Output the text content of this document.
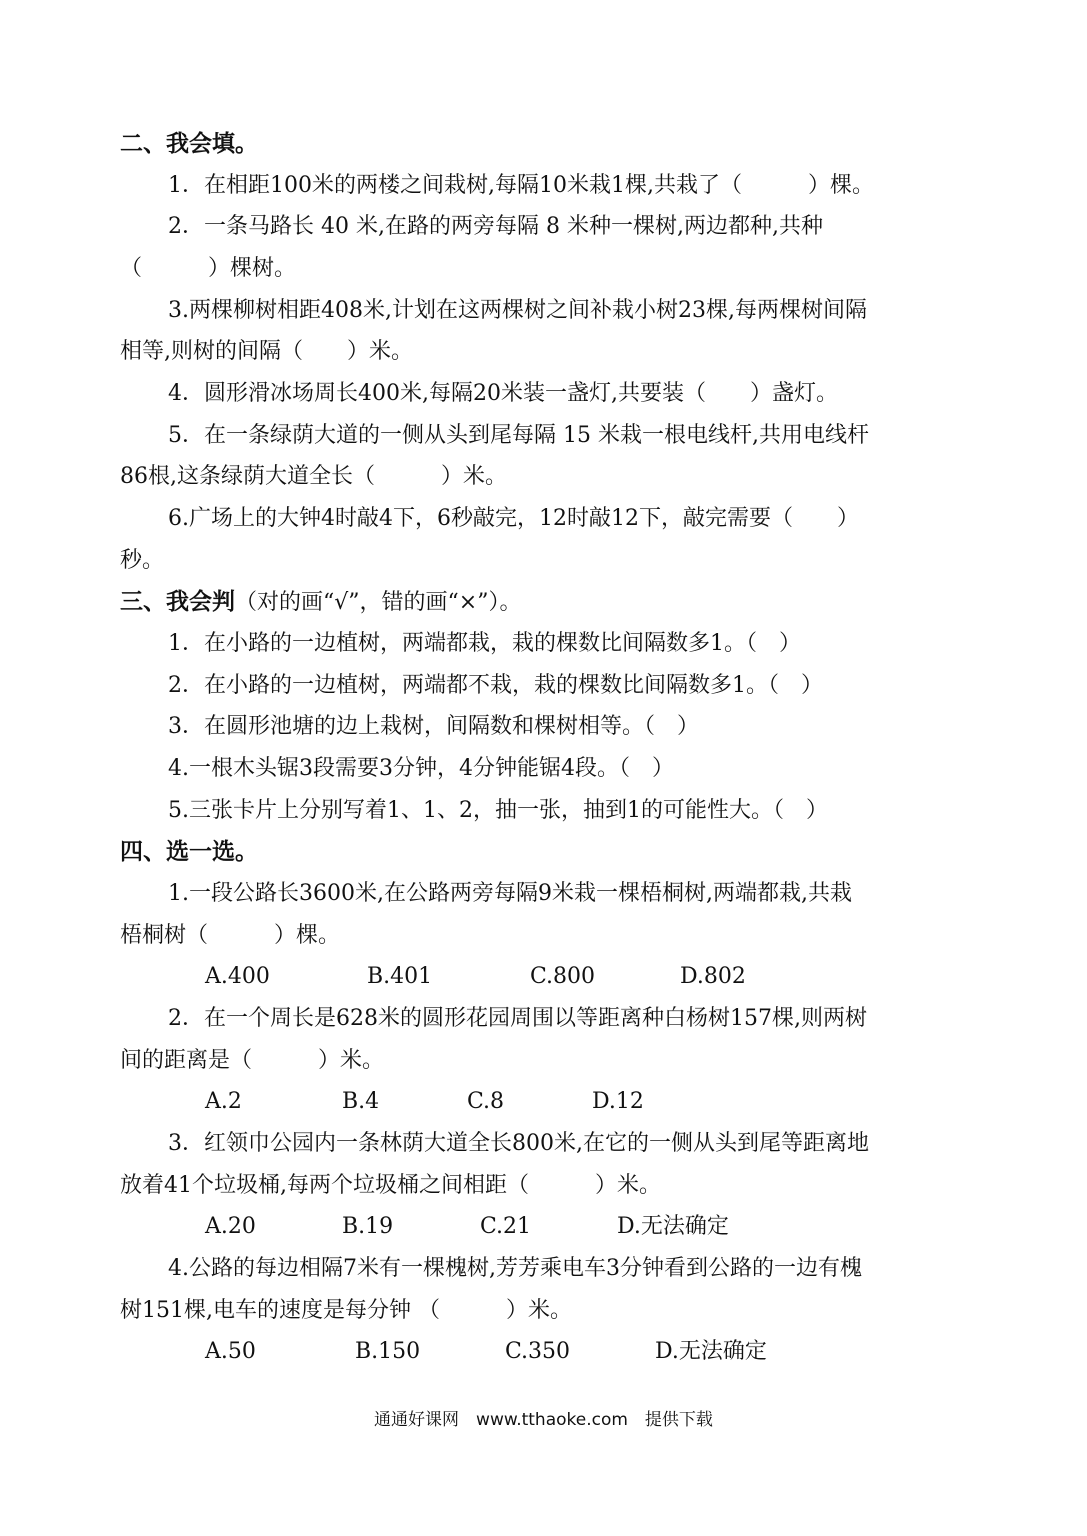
二、我会填。
1．在相距100米的两楼之间栽树,每隔10米栽1棵,共栽了（　　　）棵。
2．一条马路长 40 米,在路的两旁每隔 8 米种一棵树,两边都种,共种
（　　　）棵树。
3.两棵柳树相距408米,计划在这两棵树之间补栽小树23棵,每两棵树间隔
相等,则树的间隔（　　）米。
4．圆形滑冰场周长400米,每隔20米装一盏灯,共要装（　　）盏灯。
5．在一条绿荫大道的一侧从头到尾每隔 15 米栽一根电线杆,共用电线杆
86根,这条绿荫大道全长（　　　）米。
6.广场上的大钟4时敲4下，6秒敲完，12时敲12下，敲完需要（　　）
秒。
三、我会判（对的画“√”，错的画“×”）。
1．在小路的一边植树，两端都栽，栽的棵数比间隔数多1。（　）
2．在小路的一边植树，两端都不栽，栽的棵数比间隔数多1。（　）
3．在圆形池塘的边上栽树，间隔数和棵树相等。（　）
4.一根木头锯3段需要3分钟，4分钟能锯4段。（　）
5.三张卡片上分别写着1、1、2，抽一张，抽到1的可能性大。（　）
四、选一选。
1.一段公路长3600米,在公路两旁每隔9米栽一棵梧桐树,两端都栽,共栽
梧桐树（　　　）棵。
A.400	B.401	C.800	D.802
2．在一个周长是628米的圆形花园周围以等距离种白杨树157棵,则两树
间的距离是（　　　）米。
A.2	B.4	C.8	D.12
3．红领巾公园内一条林荫大道全长800米,在它的一侧从头到尾等距离地
放着41个垃圾桶,每两个垃圾桶之间相距（　　　）米。
A.20	B.19	C.21	D.无法确定
4.公路的每边相隔7米有一棵槐树,芳芳乘电车3分钟看到公路的一边有槐
树151棵,电车的速度是每分钟 （　　　）米。
A.50	B.150	C.350	D.无法确定
通通好课网　www.tthaoke.com　提供下载
